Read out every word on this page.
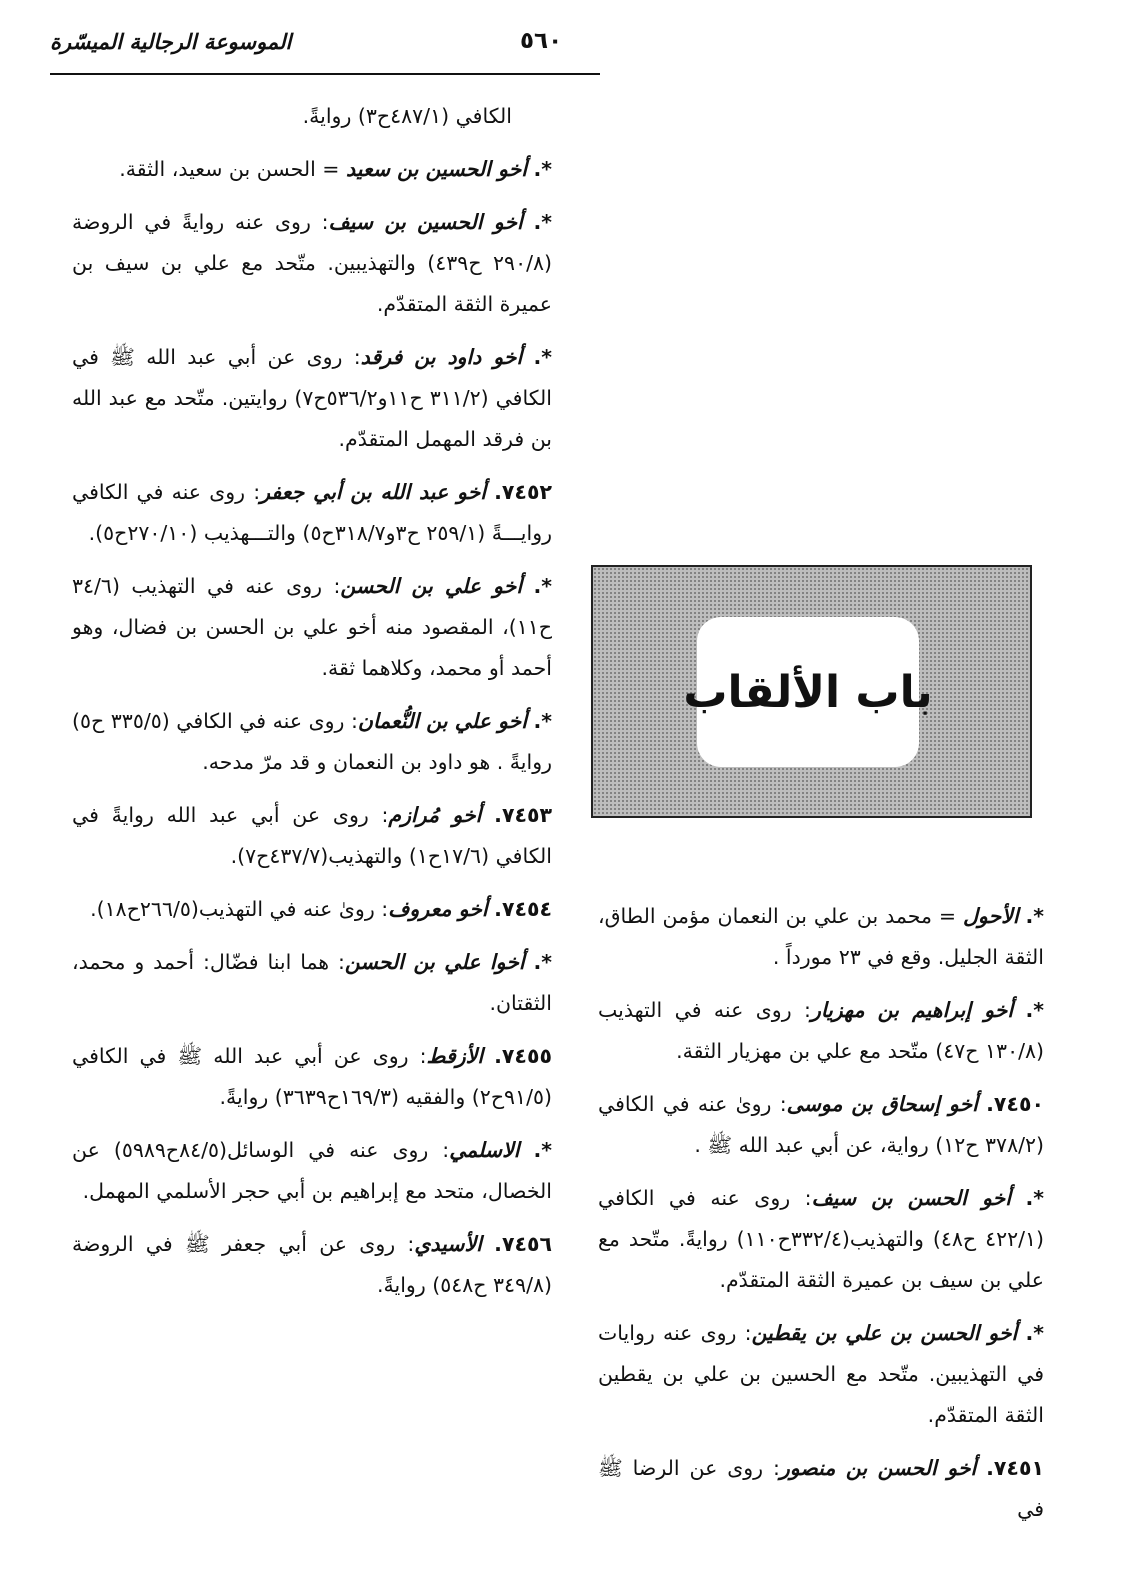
الموسوعة الرجالية الميسّرة	٥٦٠
الكافي (٤٨٧/١ح٣) روايةً.
*. أخو الحسين بن سعيد = الحسن بن سعيد، الثقة.
*. أخو الحسين بن سيف: روى عنه روايةً في الروضة (٢٩٠/٨ ح٤٣٩) والتهذيبين. متّحد مع علي بن سيف بن عميرة الثقة المتقدّم.
*. أخو داود بن فرقد: روى عن أبي عبد الله ﷺ في الكافي (٣١١/٢ ح١١و٥٣٦/٢ح٧) روايتين. متّحد مع عبد الله بن فرقد المهمل المتقدّم.
٧٤٥٢. أخو عبد الله بن أبي جعفر: روى عنه في الكافي روايـــةً (٢٥٩/١ ح٣و٣١٨/٧ح٥) والتـــهذيب (٢٧٠/١٠ح٥).
*. أخو علي بن الحسن: روى عنه في التهذيب (٣٤/٦ ح١١)، المقصود منه أخو علي بن الحسن بن فضال، وهو أحمد أو محمد، وكلاهما ثقة.
*. أخو علي بن النُّعمان: روى عنه في الكافي (٣٣٥/٥ ح٥) روايةً . هو داود بن النعمان و قد مرّ مدحه.
٧٤٥٣. أخو مُرازم: روى عن أبي عبد الله روايةً في الكافي (١٧/٦ح١) والتهذيب(٤٣٧/٧ح٧).
٧٤٥٤. أخو معروف: روىٰ عنه في التهذيب(٢٦٦/٥ح١٨).
*. أخوا علي بن الحسن: هما ابنا فضّال: أحمد و محمد، الثقتان.
٧٤٥٥. الأزقط: روى عن أبي عبد الله ﷺ في الكافي (٩١/٥ح٢) والفقيه (١٦٩/٣ح٣٦٣٩) روايةً.
*. الاسلمي: روى عنه في الوسائل(٨٤/٥ح٥٩٨٩) عن الخصال، متحد مع إبراهيم بن أبي حجر الأسلمي المهمل.
٧٤٥٦. الأسيدي: روى عن أبي جعفر ﷺ في الروضة (٣٤٩/٨ ح٥٤٨) روايةً.
باب الألقاب
*. الأحول = محمد بن علي بن النعمان مؤمن الطاق، الثقة الجليل. وقع في ٢٣ مورداً .
*. أخو إبراهيم بن مهزيار: روى عنه في التهذيب (١٣٠/٨ ح٤٧) متّحد مع علي بن مهزيار الثقة.
٧٤٥٠. أخو إسحاق بن موسى: روىٰ عنه في الكافي (٣٧٨/٢ ح١٢) رواية، عن أبي عبد الله ﷺ .
*. أخو الحسن بن سيف: روى عنه في الكافي (٤٢٢/١ ح٤٨) والتهذيب(٣٣٢/٤ح١١٠) روايةً. متّحد مع علي بن سيف بن عميرة الثقة المتقدّم.
*. أخو الحسن بن علي بن يقطين: روى عنه روايات في التهذيبين. متّحد مع الحسين بن علي بن يقطين الثقة المتقدّم.
٧٤٥١. أخو الحسن بن منصور: روى عن الرضا ﷺ في
